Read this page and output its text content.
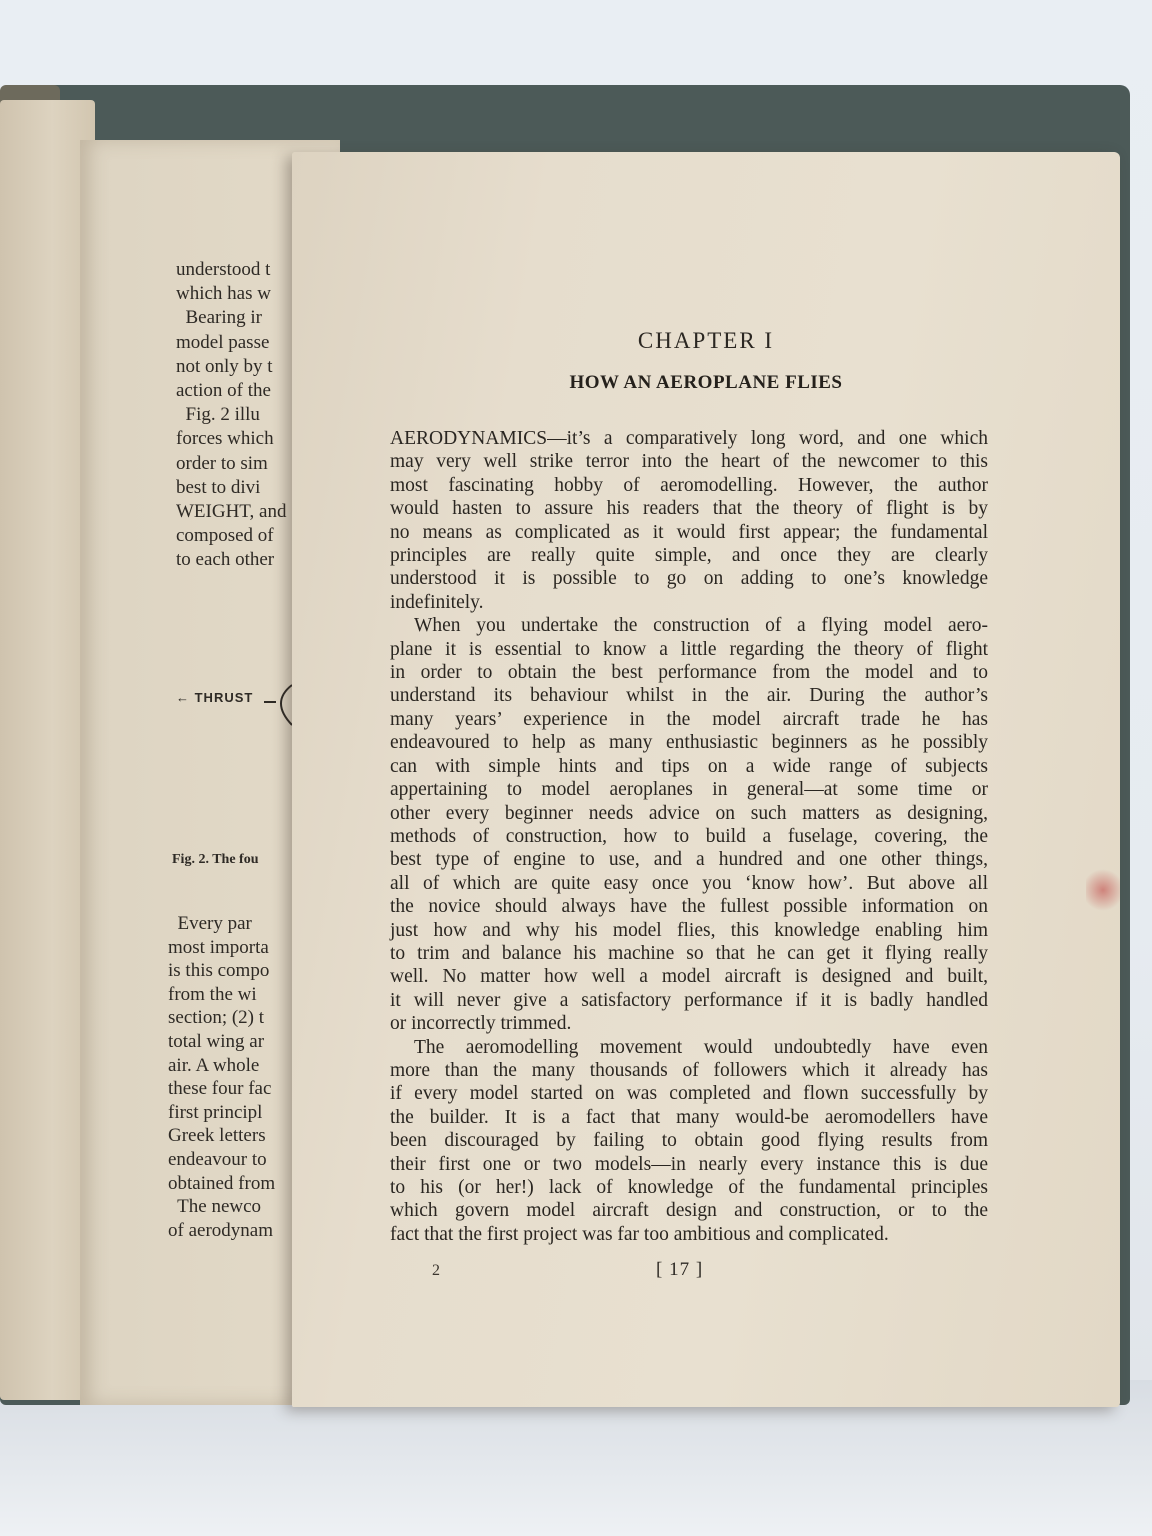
understood t
which has w
Bearing ir
model passe
not only by t
action of the
Fig. 2 illu
forces which
order to sim
best to divi
WEIGHT, and
composed of
to each other
← THRUST
Fig. 2. The fou
Every par
most importa
is this compo
from the wi
section; (2) t
total wing ar
air. A whole
these four fac
first principl
Greek letters
endeavour to
obtained from
The newco
of aerodynam
CHAPTER I
HOW AN AEROPLANE FLIES
AERODYNAMICS—it’s a comparatively long word, and one which
may very well strike terror into the heart of the newcomer to this
most fascinating hobby of aeromodelling. However, the author
would hasten to assure his readers that the theory of flight is by
no means as complicated as it would first appear; the fundamental
principles are really quite simple, and once they are clearly
understood it is possible to go on adding to one’s knowledge
indefinitely.
When you undertake the construction of a flying model aero-
plane it is essential to know a little regarding the theory of flight
in order to obtain the best performance from the model and to
understand its behaviour whilst in the air. During the author’s
many years’ experience in the model aircraft trade he has
endeavoured to help as many enthusiastic beginners as he possibly
can with simple hints and tips on a wide range of subjects
appertaining to model aeroplanes in general—at some time or
other every beginner needs advice on such matters as designing,
methods of construction, how to build a fuselage, covering, the
best type of engine to use, and a hundred and one other things,
all of which are quite easy once you ‘know how’. But above all
the novice should always have the fullest possible information on
just how and why his model flies, this knowledge enabling him
to trim and balance his machine so that he can get it flying really
well. No matter how well a model aircraft is designed and built,
it will never give a satisfactory performance if it is badly handled
or incorrectly trimmed.
The aeromodelling movement would undoubtedly have even
more than the many thousands of followers which it already has
if every model started on was completed and flown successfully by
the builder. It is a fact that many would-be aeromodellers have
been discouraged by failing to obtain good flying results from
their first one or two models—in nearly every instance this is due
to his (or her!) lack of knowledge of the fundamental principles
which govern model aircraft design and construction, or to the
fact that the first project was far too ambitious and complicated.
2	[ 17 ]
